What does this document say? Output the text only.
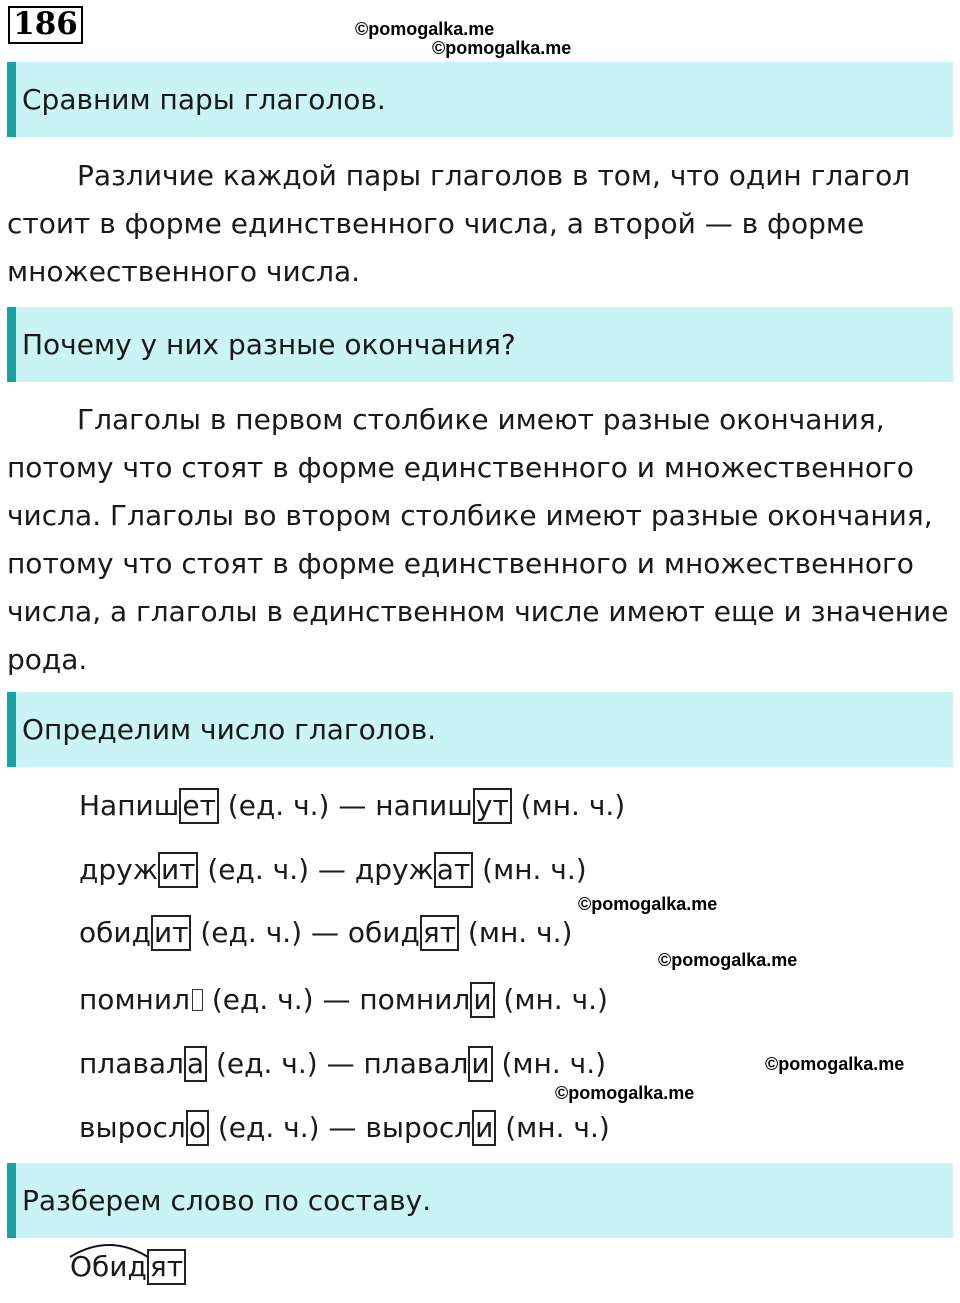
186	©pomogalka.me
©pomogalka.me
©pomogalka.me
©pomogalka.me
©pomogalka.me
©pomogalka.me
Сравним пары глаголов.

Различие каждой пары глаголов в том, что один глагол стоит в форме единственного числа, а второй — в форме множественного числа.

Почему у них разные окончания?

Глаголы в первом столбике имеют разные окончания, потому что стоят в форме единственного и множественного числа. Глаголы во втором столбике имеют разные окончания, потому что стоят в форме единственного и множественного числа, а глаголы в единственном числе имеют еще и значение рода.

Определим число глаголов.
Напиш ет (ед. ч.) — напиш ут (мн. ч.)
друж ит (ед. ч.) — друж ат (мн. ч.)
обид ит (ед. ч.) — обид ят (мн. ч.)
помнил (ед. ч.) — помнил и (мн. ч.)
плавал а (ед. ч.) — плавал и (мн. ч.)
выросл о (ед. ч.) — выросл и (мн. ч.)
Разберем слово по составу.
Обид ят
